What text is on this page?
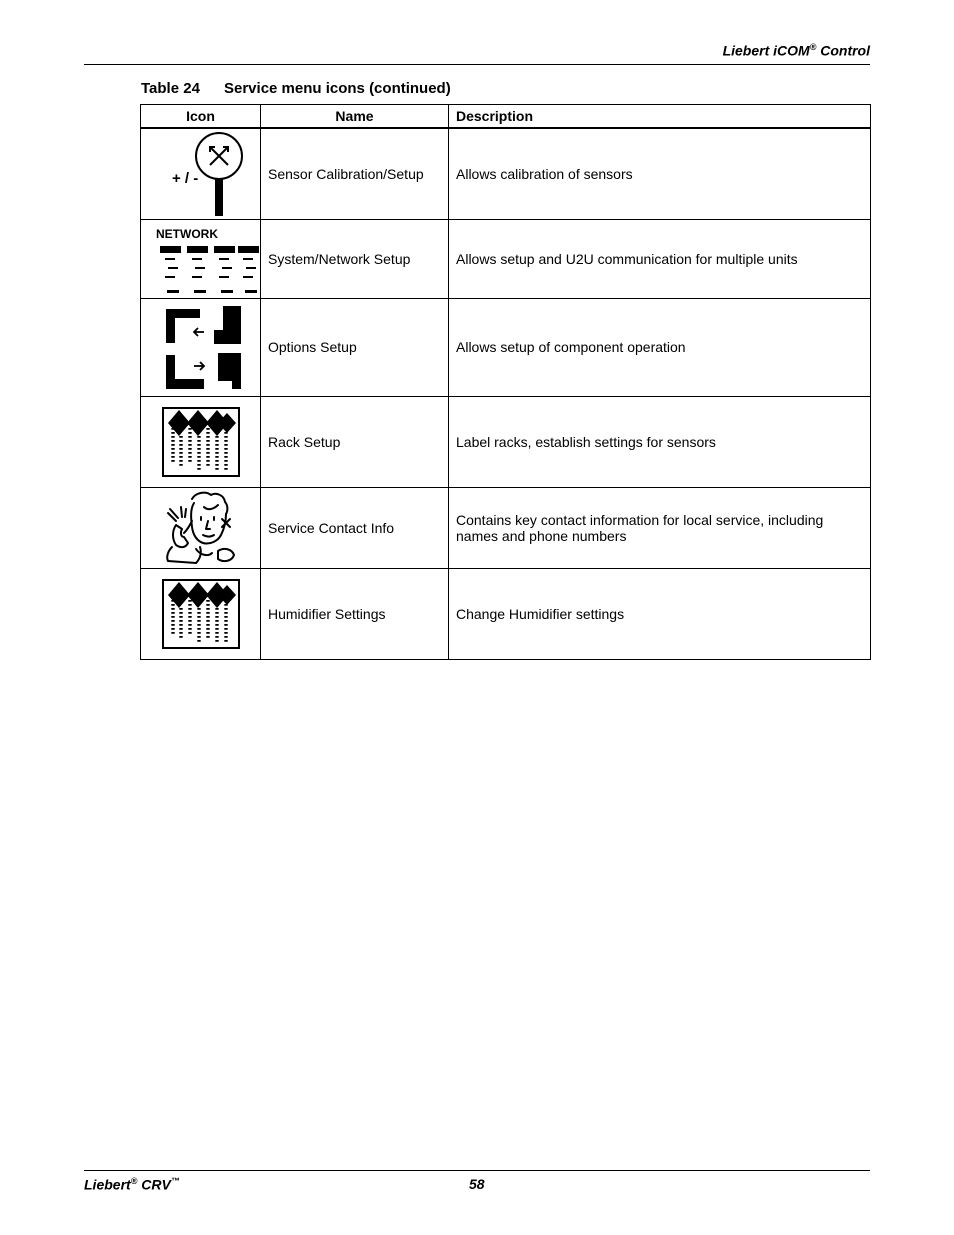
Liebert iCOM® Control
Table 24 Service menu icons (continued)
Icon	Name	Description

+ / -	Sensor Calibration/Setup	Allows calibration of sensors

NETWORK	System/Network Setup	Allows setup and U2U communication for multiple units

	Options Setup	Allows setup of component operation

	Rack Setup	Label racks, establish settings for sensors

	Service Contact Info	Contains key contact information for local service, including names and phone numbers

	Humidifier Settings	Change Humidifier settings
Liebert® CRV™	58
